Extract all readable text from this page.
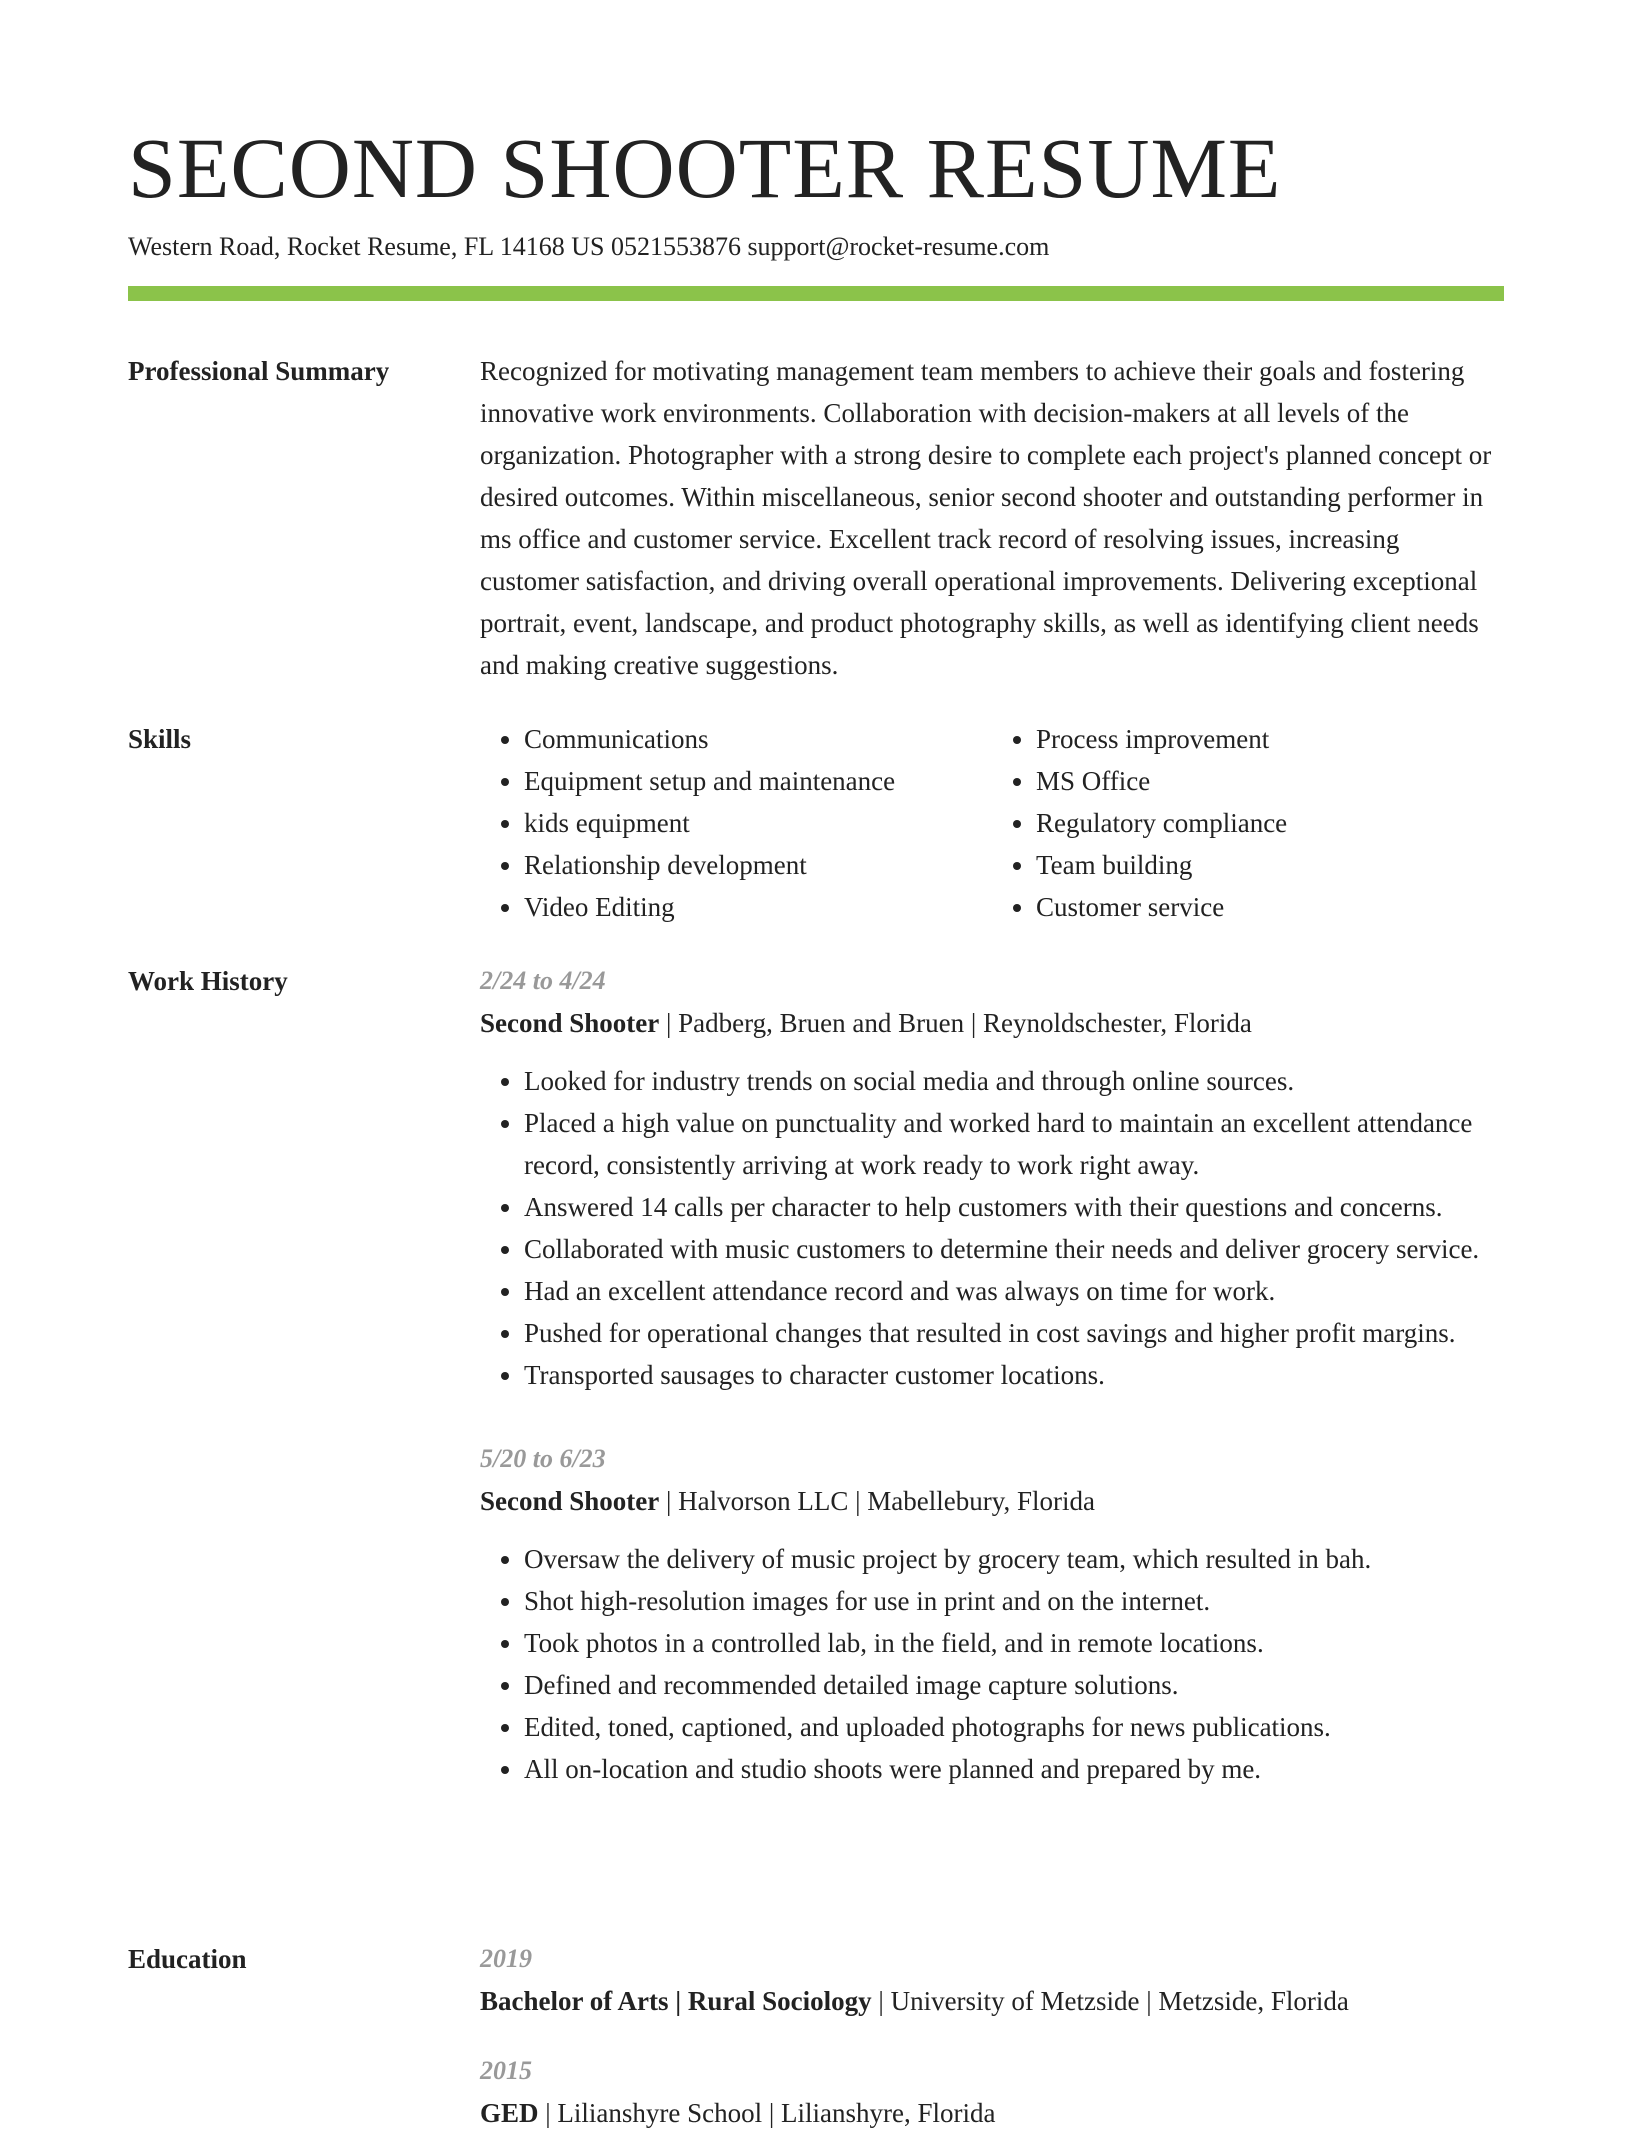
SECOND SHOOTER RESUME
Western Road, Rocket Resume, FL 14168 US 0521553876 support@rocket-resume.com
Professional Summary	Recognized for motivating management team members to achieve their goals and fostering innovative work environments. Collaboration with decision-makers at all levels of the organization. Photographer with a strong desire to complete each project's planned concept or desired outcomes. Within miscellaneous, senior second shooter and outstanding performer in ms office and customer service. Excellent track record of resolving issues, increasing customer satisfaction, and driving overall operational improvements. Delivering exceptional portrait, event, landscape, and product photography skills, as well as identifying client needs and making creative suggestions.
Skills
•	Communications
• Equipment setup and maintenance
• kids equipment
• Relationship development
• Video Editing
• Process improvement
• MS Office
• Regulatory compliance
• Team building
• Customer service
Work History	2/24 to 4/24
Second Shooter | Padberg, Bruen and Bruen | Reynoldschester, Florida
• Looked for industry trends on social media and through online sources.
• Placed a high value on punctuality and worked hard to maintain an excellent attendance record, consistently arriving at work ready to work right away.
• Answered 14 calls per character to help customers with their questions and concerns.
• Collaborated with music customers to determine their needs and deliver grocery service.
• Had an excellent attendance record and was always on time for work.
• Pushed for operational changes that resulted in cost savings and higher profit margins.
• Transported sausages to character customer locations.
5/20 to 6/23
Second Shooter | Halvorson LLC | Mabellebury, Florida
• Oversaw the delivery of music project by grocery team, which resulted in bah.
• Shot high-resolution images for use in print and on the internet.
• Took photos in a controlled lab, in the field, and in remote locations.
• Defined and recommended detailed image capture solutions.
• Edited, toned, captioned, and uploaded photographs for news publications.
• All on-location and studio shoots were planned and prepared by me.
Education	2019
Bachelor of Arts | Rural Sociology | University of Metzside | Metzside, Florida
2015
GED | Lilianshyre School | Lilianshyre, Florida
